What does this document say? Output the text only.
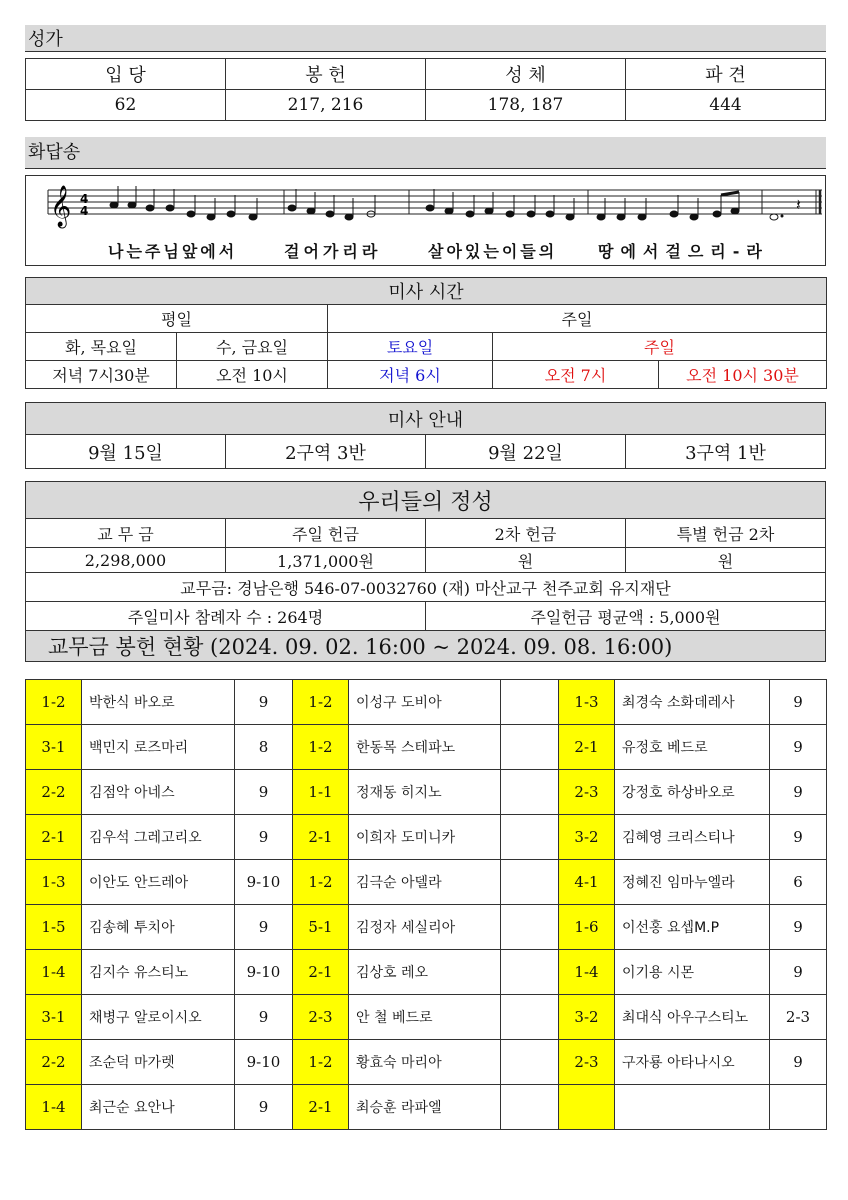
성가
입 당	봉 헌	성 체	파 견
62	217, 216	178, 187	444
화답송
𝄞 4
4	𝄽
나는주님앞에서	걸어가리라	살아있는이들의	땅에서걸으리-라
미사 시간				
평일		주일		
화, 목요일	수, 금요일	토요일	주일	
저녁 7시30분	오전 10시	저녁 6시	오전 7시	오전 10시 30분
미사 안내
9월 15일	2구역 3반	9월 22일	3구역 1반
우리들의 정성			
교 무 금	주일 헌금	2차 헌금	특별 헌금 2차
2,298,000	1,371,000원	원	원
교무금: 경남은행 546-07-0032760 (재) 마산교구 천주교회 유지재단			
주일미사 참례자 수 : 264명		주일헌금 평균액 : 5,000원	
교무금 봉헌 현황 (2024. 09. 02. 16:00 ~ 2024. 09. 08. 16:00)			
1-2	박한식 바오로	9	1-2	이성구 도비아		1-3	최경숙 소화데레사	9
3-1	백민지 로즈마리	8	1-2	한동목 스테파노		2-1	유정호 베드로	9
2-2	김점악 아네스	9	1-1	정재동 히지노		2-3	강정호 하상바오로	9
2-1	김우석 그레고리오	9	2-1	이희자 도미니카		3-2	김혜영 크리스티나	9
1-3	이안도 안드레아	9-10	1-2	김극순 아델라		4-1	정혜진 임마누엘라	6
1-5	김송혜 투치아	9	5-1	김정자 세실리아		1-6	이선홍 요셉M.P	9
1-4	김지수 유스티노	9-10	2-1	김상호 레오		1-4	이기용 시몬	9
3-1	채병구 알로이시오	9	2-3	안 철 베드로		3-2	최대식 아우구스티노	2-3
2-2	조순덕 마가렛	9-10	1-2	황효숙 마리아		2-3	구자룡 아타나시오	9
1-4	최근순 요안나	9	2-1	최승훈 라파엘				
